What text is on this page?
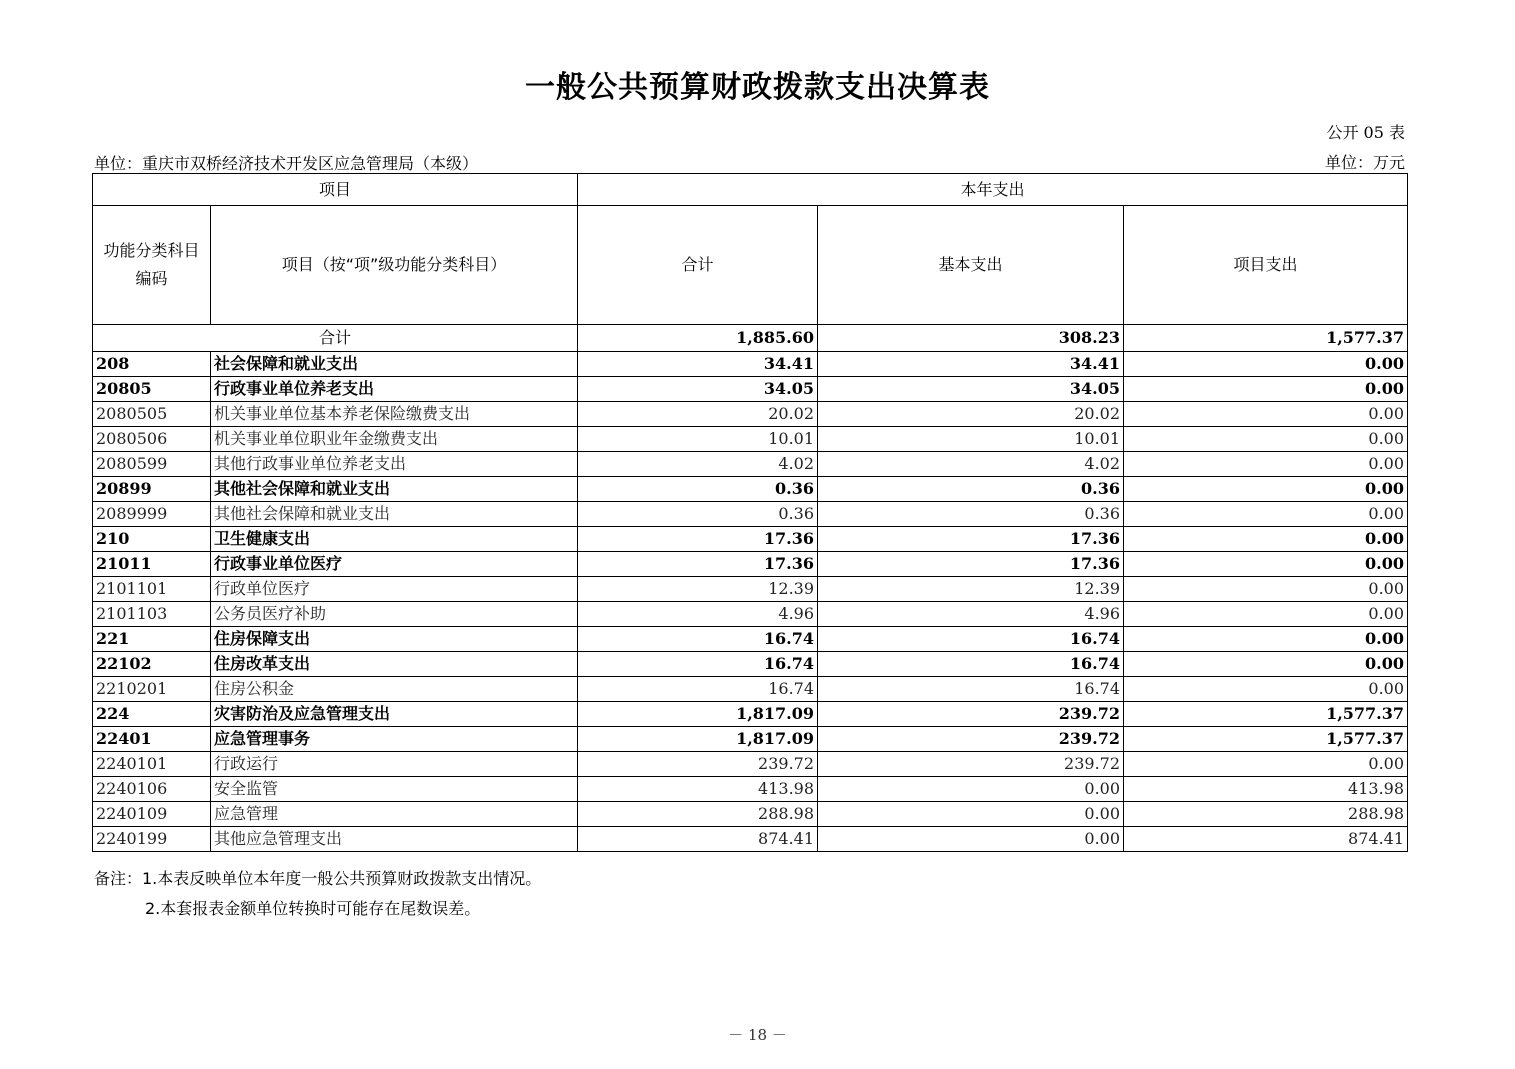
一般公共预算财政拨款支出决算表
公开 05 表
单位：重庆市双桥经济技术开发区应急管理局（本级）	单位：万元
项目		本年支出		
功能分类科目编码	项目（按“项”级功能分类科目）	合计	基本支出	项目支出
合计		1,885.60	308.23	1,577.37
208	社会保障和就业支出	34.41	34.41	0.00
20805	行政事业单位养老支出	34.05	34.05	0.00
2080505	机关事业单位基本养老保险缴费支出	20.02	20.02	0.00
2080506	机关事业单位职业年金缴费支出	10.01	10.01	0.00
2080599	其他行政事业单位养老支出	4.02	4.02	0.00
20899	其他社会保障和就业支出	0.36	0.36	0.00
2089999	其他社会保障和就业支出	0.36	0.36	0.00
210	卫生健康支出	17.36	17.36	0.00
21011	行政事业单位医疗	17.36	17.36	0.00
2101101	行政单位医疗	12.39	12.39	0.00
2101103	公务员医疗补助	4.96	4.96	0.00
221	住房保障支出	16.74	16.74	0.00
22102	住房改革支出	16.74	16.74	0.00
2210201	住房公积金	16.74	16.74	0.00
224	灾害防治及应急管理支出	1,817.09	239.72	1,577.37
22401	应急管理事务	1,817.09	239.72	1,577.37
2240101	行政运行	239.72	239.72	0.00
2240106	安全监管	413.98	0.00	413.98
2240109	应急管理	288.98	0.00	288.98
2240199	其他应急管理支出	874.41	0.00	874.41
备注：1.本表反映单位本年度一般公共预算财政拨款支出情况。
2.本套报表金额单位转换时可能存在尾数误差。
－ 18 －
